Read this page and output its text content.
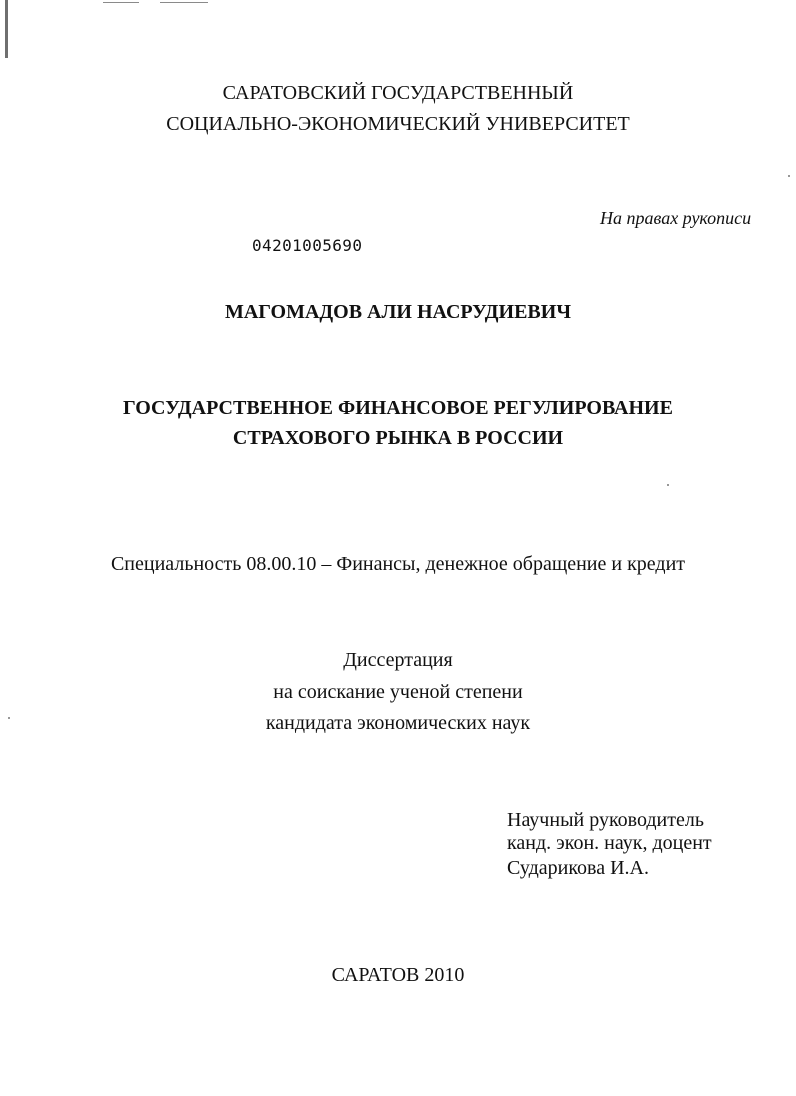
САРАТОВСКИЙ ГОСУДАРСТВЕННЫЙ
СОЦИАЛЬНО-ЭКОНОМИЧЕСКИЙ УНИВЕРСИТЕТ
На правах рукописи
04201005690
МАГОМАДОВ АЛИ НАСРУДИЕВИЧ
ГОСУДАРСТВЕННОЕ ФИНАНСОВОЕ РЕГУЛИРОВАНИЕ
СТРАХОВОГО РЫНКА В РОССИИ
Специальность 08.00.10 – Финансы, денежное обращение и кредит
Диссертация
на соискание ученой степени
кандидата экономических наук
Научный руководитель
канд. экон. наук, доцент
Сударикова И.А.
САРАТОВ 2010
